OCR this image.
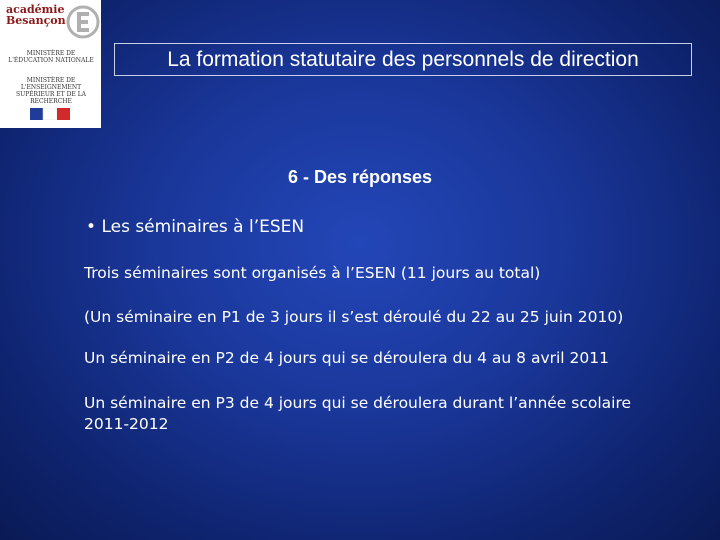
académie
Besançon
MINISTÈRE DE L'ÉDUCATION NATIONALE
MINISTÈRE DE L'ENSEIGNEMENT SUPÉRIEUR ET DE LA RECHERCHE
La formation statutaire des personnels de direction
6 - Des réponses
• Les séminaires à l’ESEN
Trois séminaires sont organisés à l’ESEN (11 jours au total)
(Un séminaire en P1 de 3 jours il s’est déroulé du 22 au 25 juin 2010)
Un séminaire en P2 de 4 jours qui se déroulera du 4 au 8 avril 2011
Un séminaire en P3 de 4 jours qui se déroulera durant l’année scolaire 2011-2012
